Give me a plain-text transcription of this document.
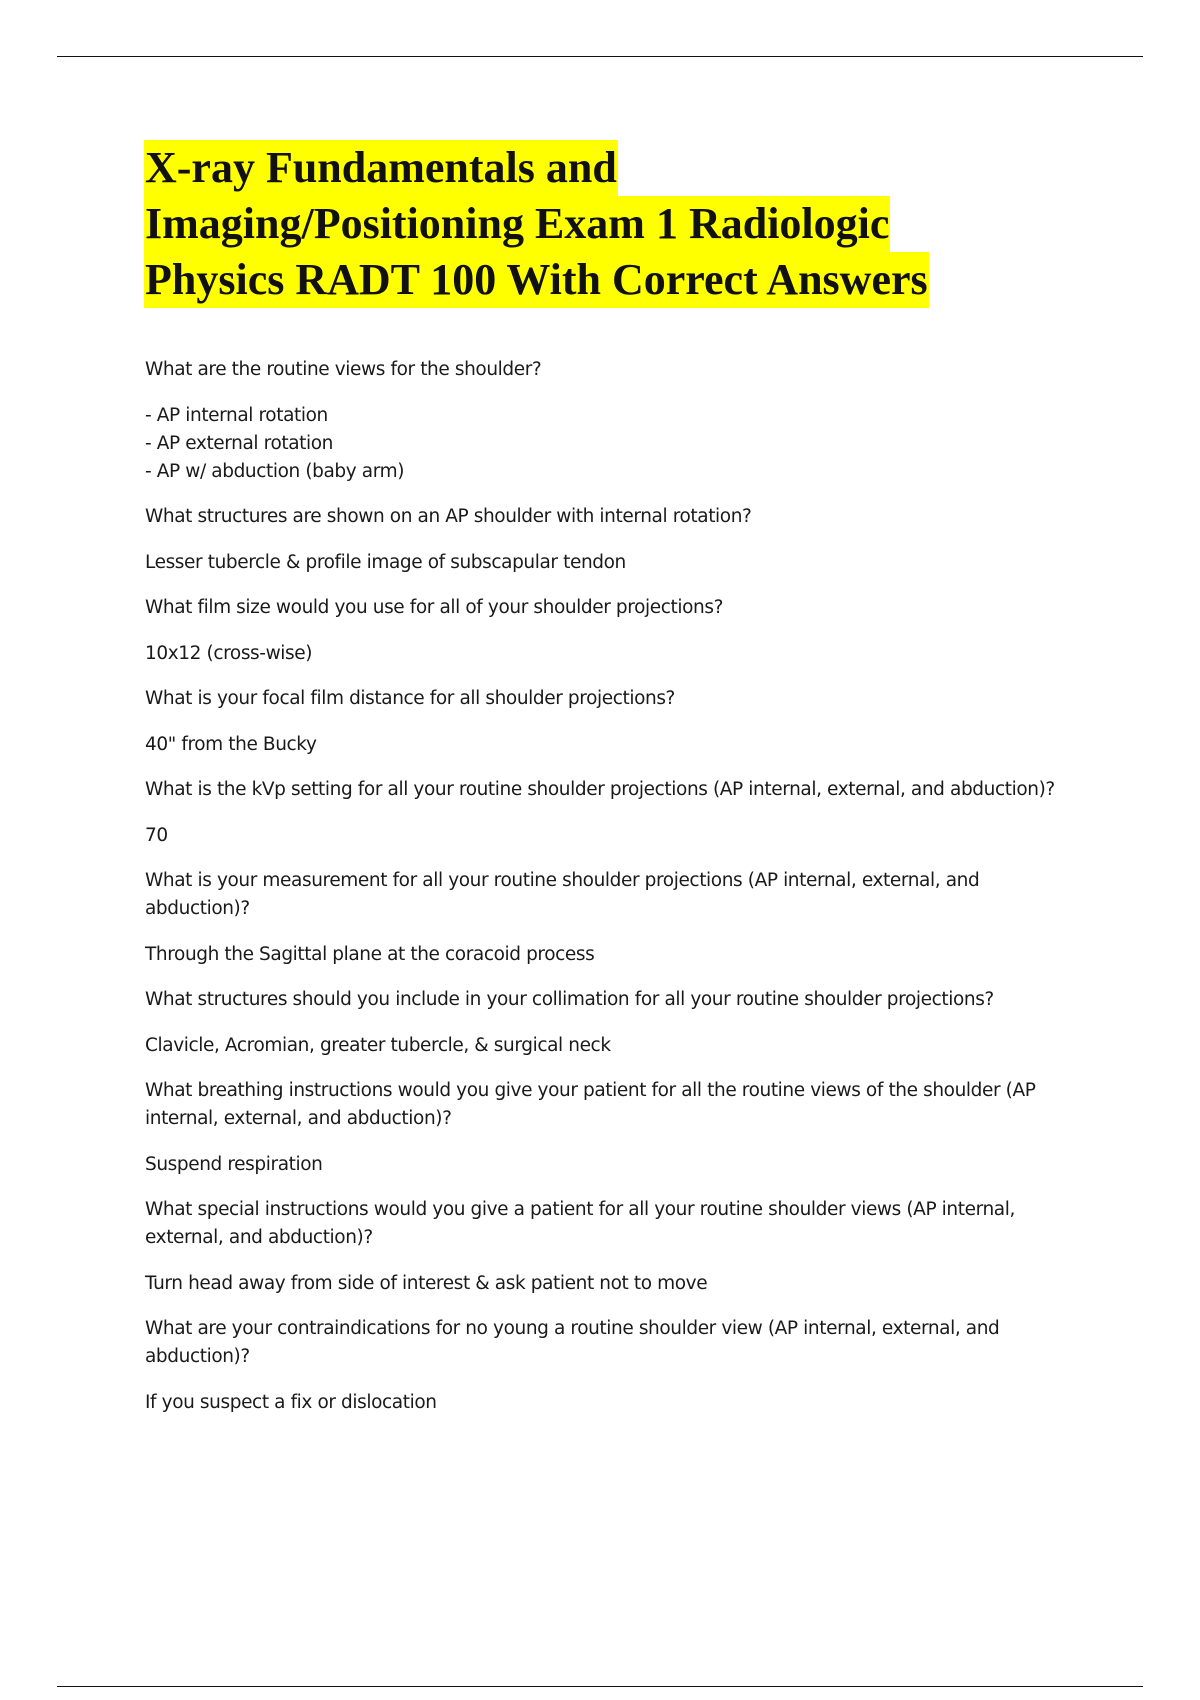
X-ray Fundamentals and
Imaging/Positioning Exam 1 Radiologic
Physics RADT 100 With Correct Answers
What are the routine views for the shoulder?
- AP internal rotation
- AP external rotation
- AP w/ abduction (baby arm)
What structures are shown on an AP shoulder with internal rotation?
Lesser tubercle & profile image of subscapular tendon
What film size would you use for all of your shoulder projections?
10x12 (cross-wise)
What is your focal film distance for all shoulder projections?
40" from the Bucky
What is the kVp setting for all your routine shoulder projections (AP internal, external, and abduction)?
70
What is your measurement for all your routine shoulder projections (AP internal, external, and abduction)?
Through the Sagittal plane at the coracoid process
What structures should you include in your collimation for all your routine shoulder projections?
Clavicle, Acromian, greater tubercle, & surgical neck
What breathing instructions would you give your patient for all the routine views of the shoulder (AP internal, external, and abduction)?
Suspend respiration
What special instructions would you give a patient for all your routine shoulder views (AP internal, external, and abduction)?
Turn head away from side of interest & ask patient not to move
What are your contraindications for no young a routine shoulder view (AP internal, external, and abduction)?
If you suspect a fix or dislocation
